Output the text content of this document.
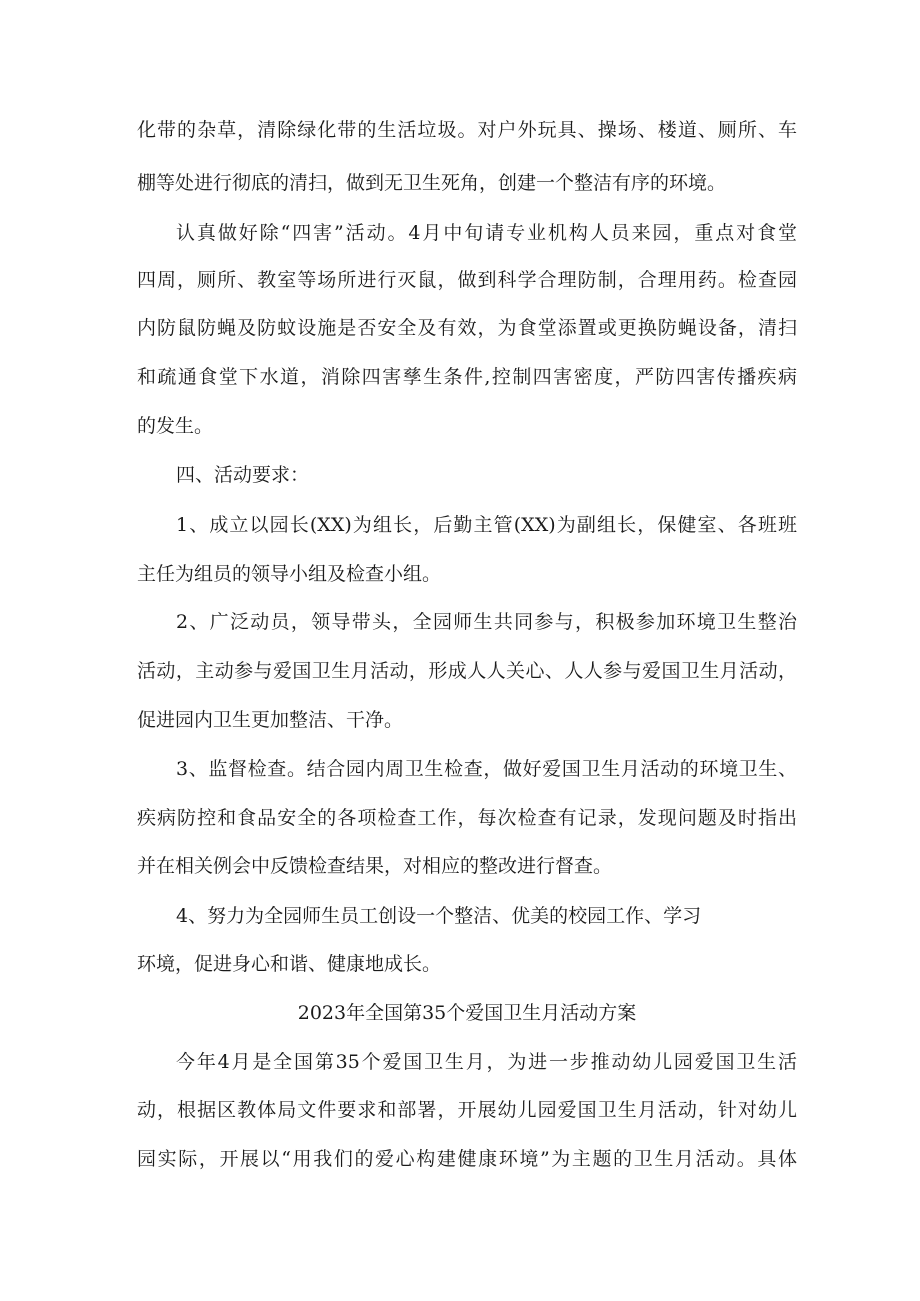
化带的杂草，清除绿化带的生活垃圾。对户外玩具、操场、楼道、厕所、车
棚等处进行彻底的清扫，做到无卫生死角，创建一个整洁有序的环境。
认真做好除“四害”活动。4月中旬请专业机构人员来园，重点对食堂
四周，厕所、教室等场所进行灭鼠，做到科学合理防制，合理用药。检查园
内防鼠防蝇及防蚊设施是否安全及有效，为食堂添置或更换防蝇设备，清扫
和疏通食堂下水道，消除四害孳生条件,控制四害密度，严防四害传播疾病
的发生。
四、活动要求：
1、成立以园长(XX)为组长，后勤主管(XX)为副组长，保健室、各班班
主任为组员的领导小组及检查小组。
2、广泛动员，领导带头，全园师生共同参与，积极参加环境卫生整治
活动，主动参与爱国卫生月活动，形成人人关心、人人参与爱国卫生月活动，
促进园内卫生更加整洁、干净。
3、监督检查。结合园内周卫生检查，做好爱国卫生月活动的环境卫生、
疾病防控和食品安全的各项检查工作，每次检查有记录，发现问题及时指出
并在相关例会中反馈检查结果，对相应的整改进行督查。
4、努力为全园师生员工创设一个整洁、优美的校园工作、学习
环境，促进身心和谐、健康地成长。
2023年全国第35个爱国卫生月活动方案
今年4月是全国第35个爱国卫生月，为进一步推动幼儿园爱国卫生活
动，根据区教体局文件要求和部署，开展幼儿园爱国卫生月活动，针对幼儿
园实际，开展以“用我们的爱心构建健康环境”为主题的卫生月活动。具体
